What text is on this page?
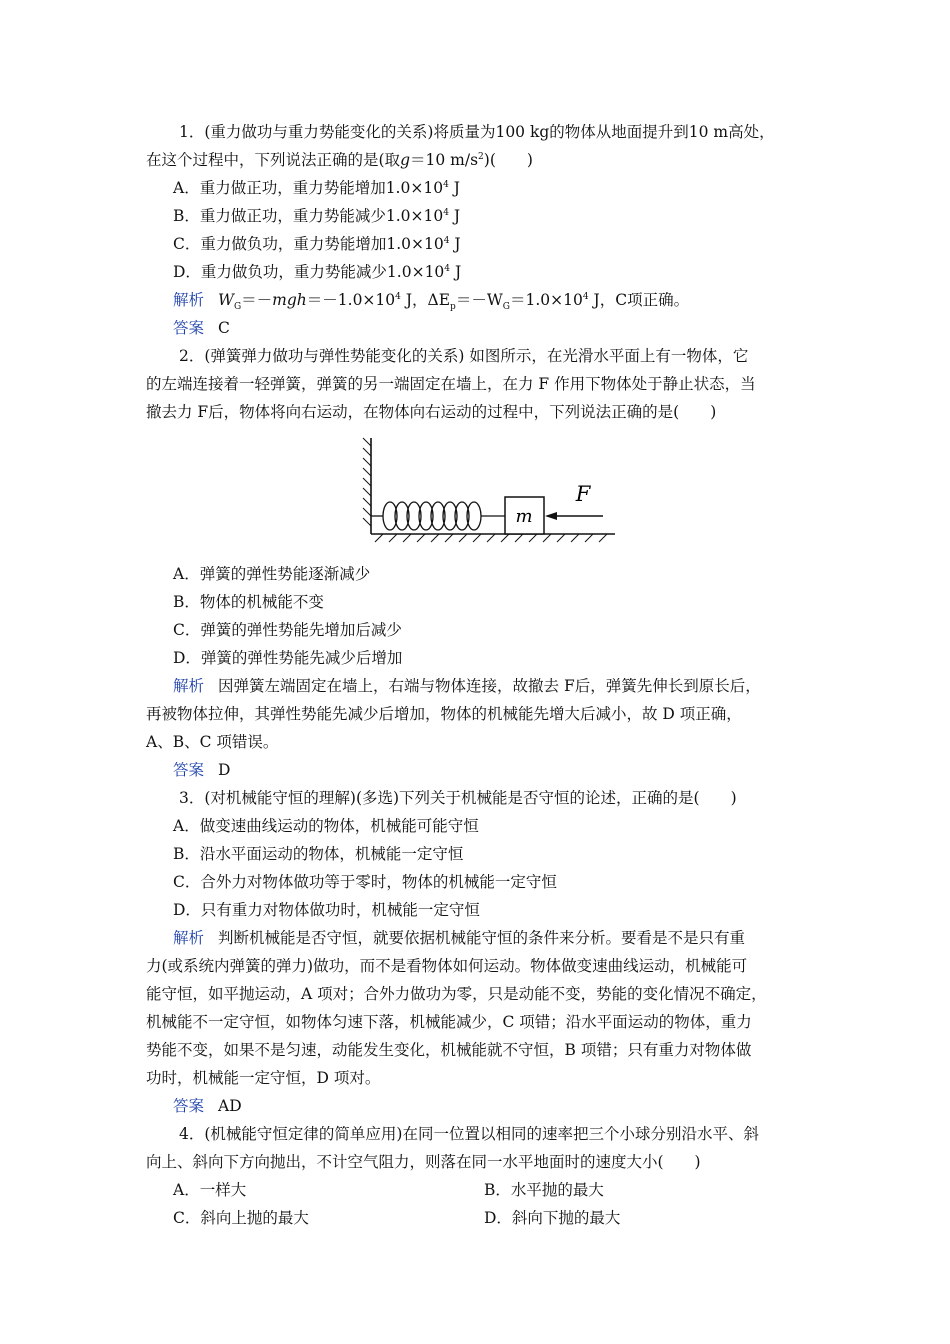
1．(重力做功与重力势能变化的关系)将质量为100 kg的物体从地面提升到10 m高处，
在这个过程中，下列说法正确的是(取g＝10 $m/s^2$)(　　)
A．重力做正功，重力势能增加$1.0\times 10^4$ J
B．重力做正功，重力势能减少$1.0\times 10^4$ J
C．重力做负功，重力势能增加$1.0\times 10^4$ J
D．重力做负功，重力势能减少$1.0\times 10^4$ J
解析 $W_G=-mgh=-1.0\times 10^4$ J，$\Delta E_p=-W_G=1.0\times 10^4$ J，C项正确。
答案 C
2．(弹簧弹力做功与弹性势能变化的关系) 如图所示，在光滑水平面上有一物体，它
的左端连接着一轻弹簧，弹簧的另一端固定在墙上，在力 F 作用下物体处于静止状态，当
撤去力 F后，物体将向右运动，在物体向右运动的过程中，下列说法正确的是(　　)
m
F
A．弹簧的弹性势能逐渐减少
B．物体的机械能不变
C．弹簧的弹性势能先增加后减少
D．弹簧的弹性势能先减少后增加
解析 因弹簧左端固定在墙上，右端与物体连接，故撤去 F后，弹簧先伸长到原长后，
再被物体拉伸，其弹性势能先减少后增加，物体的机械能先增大后减小，故 D 项正确，
A、B、C 项错误。
答案 D
3．(对机械能守恒的理解)(多选)下列关于机械能是否守恒的论述，正确的是(　　)
A．做变速曲线运动的物体，机械能可能守恒
B．沿水平面运动的物体，机械能一定守恒
C．合外力对物体做功等于零时，物体的机械能一定守恒
D．只有重力对物体做功时，机械能一定守恒
解析 判断机械能是否守恒，就要依据机械能守恒的条件来分析。要看是不是只有重
力(或系统内弹簧的弹力)做功，而不是看物体如何运动。物体做变速曲线运动，机械能可
能守恒，如平抛运动，A 项对；合外力做功为零，只是动能不变，势能的变化情况不确定，
机械能不一定守恒，如物体匀速下落，机械能减少，C 项错；沿水平面运动的物体，重力
势能不变，如果不是匀速，动能发生变化，机械能就不守恒，B 项错；只有重力对物体做
功时，机械能一定守恒，D 项对。
答案 AD
4．(机械能守恒定律的简单应用)在同一位置以相同的速率把三个小球分别沿水平、斜
向上、斜向下方向抛出，不计空气阻力，则落在同一水平地面时的速度大小(　　)
A．一样大	B．水平抛的最大
C．斜向上抛的最大	D．斜向下抛的最大
